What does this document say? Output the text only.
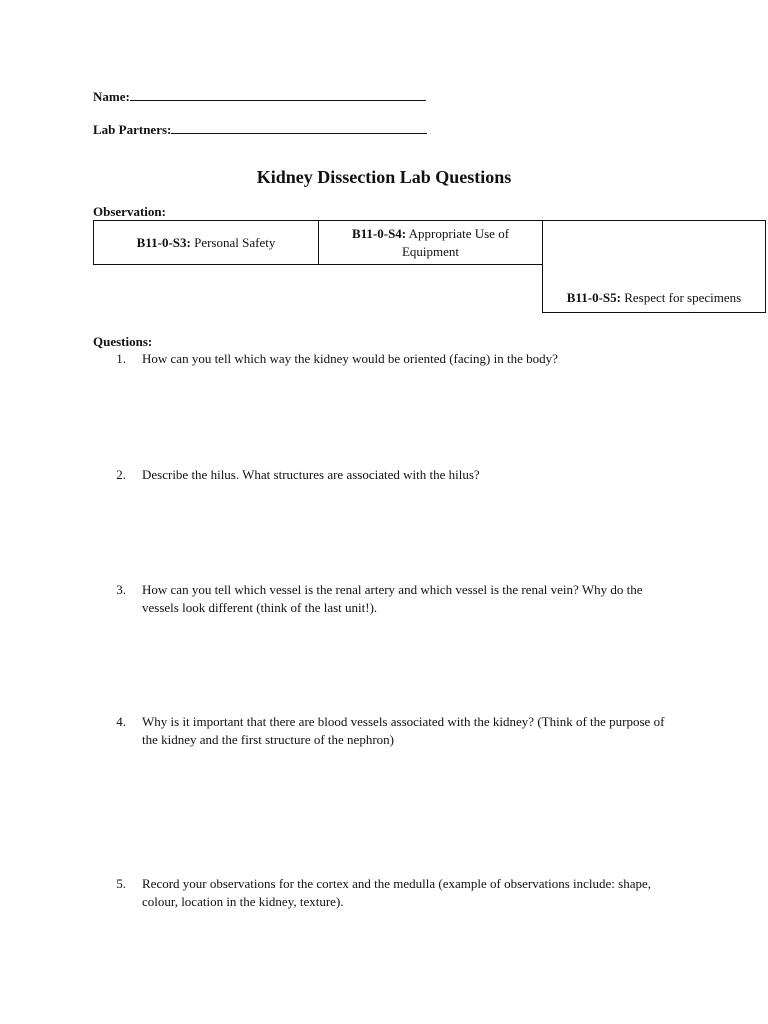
Name:
Lab Partners:
Kidney Dissection Lab Questions
Observation:
B11-0-S3: Personal Safety
B11-0-S4: Appropriate Use of Equipment
B11-0-S5: Respect for specimens
Questions:
1. How can you tell which way the kidney would be oriented (facing) in the body?
2. Describe the hilus. What structures are associated with the hilus?
3. How can you tell which vessel is the renal artery and which vessel is the renal vein? Why do the vessels look different (think of the last unit!).
4. Why is it important that there are blood vessels associated with the kidney? (Think of the purpose of the kidney and the first structure of the nephron)
5. Record your observations for the cortex and the medulla (example of observations include: shape, colour, location in the kidney, texture).
